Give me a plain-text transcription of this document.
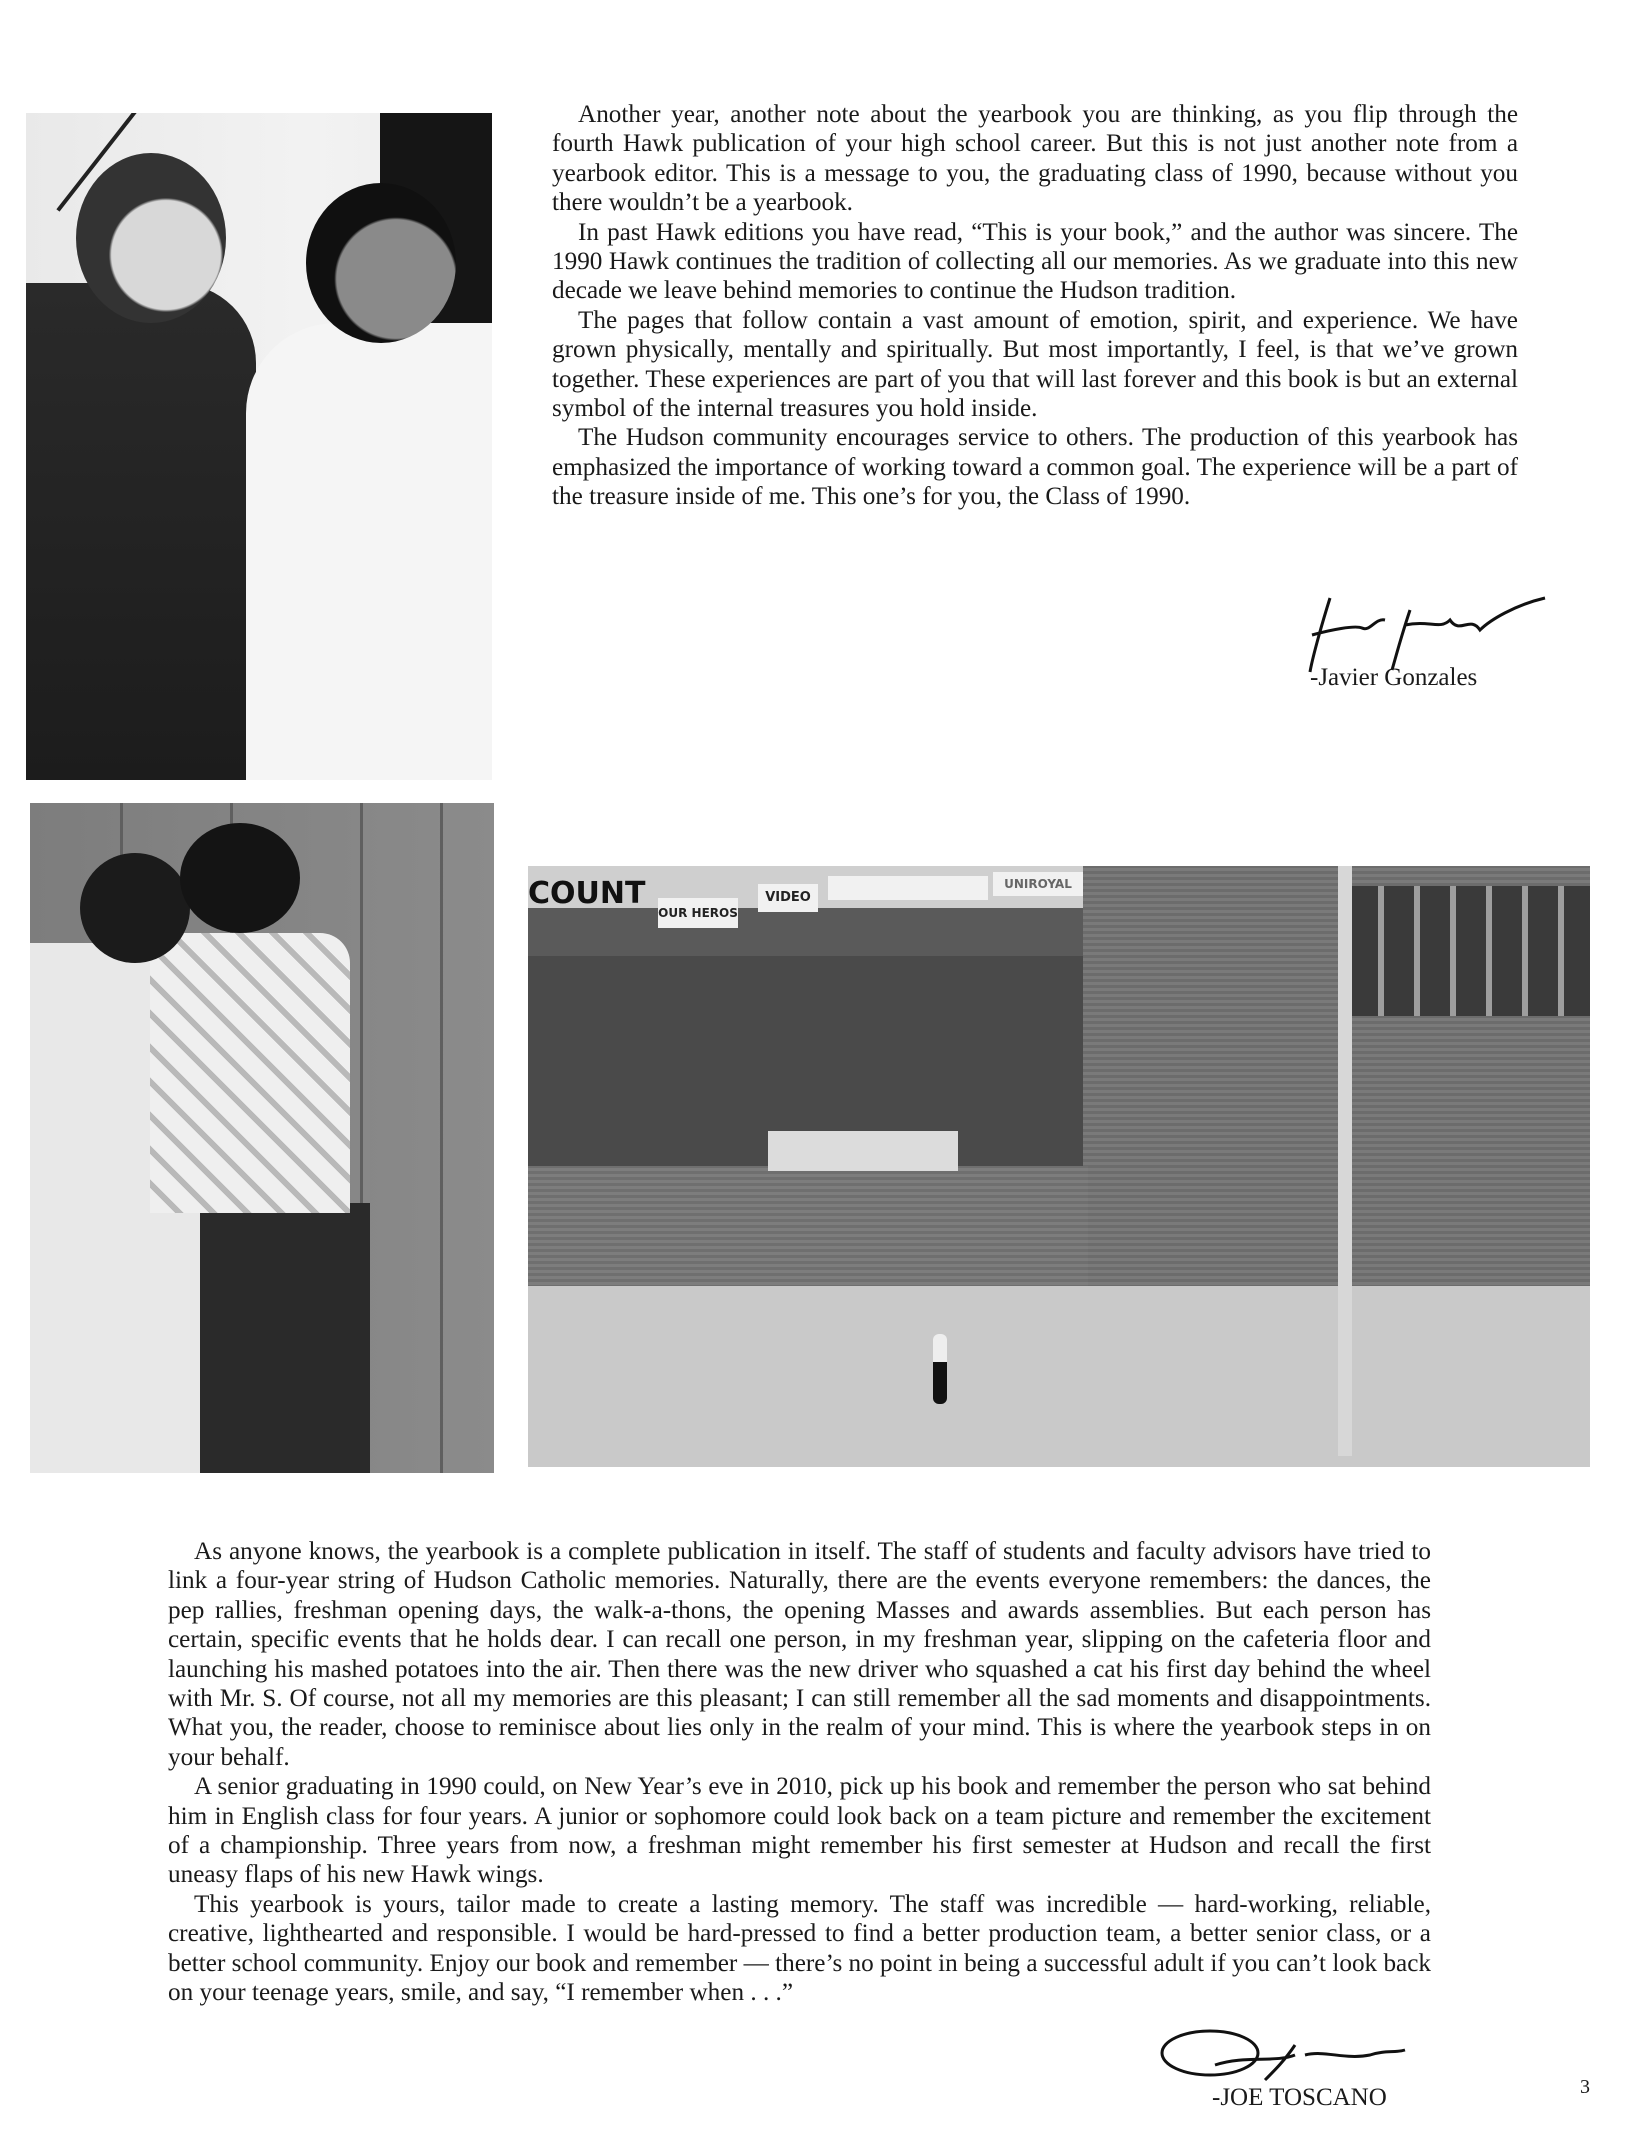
Another year, another note about the yearbook you are thinking, as you flip through the fourth Hawk publication of your high school career. But this is not just another note from a yearbook editor. This is a message to you, the graduating class of 1990, because without you there wouldn’t be a yearbook.

In past Hawk editions you have read, “This is your book,” and the author was sincere. The 1990 Hawk continues the tradition of collecting all our memories. As we graduate into this new decade we leave behind memories to continue the Hudson tradition.

The pages that follow contain a vast amount of emotion, spirit, and experience. We have grown physically, mentally and spiritually. But most importantly, I feel, is that we’ve grown together. These experiences are part of you that will last forever and this book is but an external symbol of the internal treasures you hold inside.

The Hudson community encourages service to others. The production of this yearbook has emphasized the importance of working toward a common goal. The experience will be a part of the treasure inside of me. This one’s for you, the Class of 1990.

-Javier Gonzales
COUNT
OUR HEROS
VIDEO
UNIROYAL

As anyone knows, the yearbook is a complete publication in itself. The staff of students and faculty advisors have tried to link a four-year string of Hudson Catholic memories. Naturally, there are the events everyone remembers: the dances, the pep rallies, freshman opening days, the walk-a-thons, the opening Masses and awards assemblies. But each person has certain, specific events that he holds dear. I can recall one person, in my freshman year, slipping on the cafeteria floor and launching his mashed potatoes into the air. Then there was the new driver who squashed a cat his first day behind the wheel with Mr. S. Of course, not all my memories are this pleasant; I can still remember all the sad moments and disappointments. What you, the reader, choose to reminisce about lies only in the realm of your mind. This is where the yearbook steps in on your behalf.

A senior graduating in 1990 could, on New Year’s eve in 2010, pick up his book and remember the person who sat behind him in English class for four years. A junior or sophomore could look back on a team picture and remember the excitement of a championship. Three years from now, a freshman might remember his first semester at Hudson and recall the first uneasy flaps of his new Hawk wings.

This yearbook is yours, tailor made to create a lasting memory. The staff was incredible — hard-working, reliable, creative, lighthearted and responsible. I would be hard-pressed to find a better production team, a better senior class, or a better school community. Enjoy our book and remember — there’s no point in being a successful adult if you can’t look back on your teenage years, smile, and say, “I remember when . . .”

-JOE TOSCANO	3
